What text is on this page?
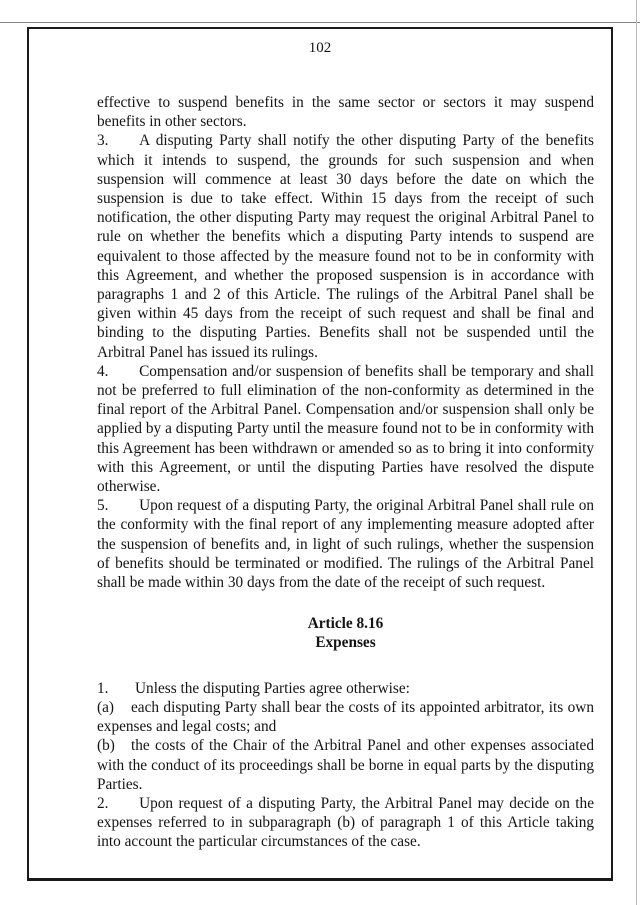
102

effective to suspend benefits in the same sector or sectors it may suspend benefits in other sectors.

3.  A disputing Party shall notify the other disputing Party of the benefits which it intends to suspend, the grounds for such suspension and when suspension will commence at least 30 days before the date on which the suspension is due to take effect. Within 15 days from the receipt of such notification, the other disputing Party may request the original Arbitral Panel to rule on whether the benefits which a disputing Party intends to suspend are equivalent to those affected by the measure found not to be in conformity with this Agreement, and whether the proposed suspension is in accordance with paragraphs 1 and 2 of this Article. The rulings of the Arbitral Panel shall be given within 45 days from the receipt of such request and shall be final and binding to the disputing Parties. Benefits shall not be suspended until the Arbitral Panel has issued its rulings.

4.  Compensation and/or suspension of benefits shall be temporary and shall not be preferred to full elimination of the non-conformity as determined in the final report of the Arbitral Panel. Compensation and/or suspension shall only be applied by a disputing Party until the measure found not to be in conformity with this Agreement has been withdrawn or amended so as to bring it into conformity with this Agreement, or until the disputing Parties have resolved the dispute otherwise.

5.  Upon request of a disputing Party, the original Arbitral Panel shall rule on the conformity with the final report of any implementing measure adopted after the suspension of benefits and, in light of such rulings, whether the suspension of benefits should be terminated or modified. The rulings of the Arbitral Panel shall be made within 30 days from the date of the receipt of such request.

Article 8.16

Expenses

1.	Unless the disputing Parties agree otherwise:

(a) each disputing Party shall bear the costs of its appointed arbitrator, its own expenses and legal costs; and

(b) the costs of the Chair of the Arbitral Panel and other expenses associated with the conduct of its proceedings shall be borne in equal parts by the disputing Parties.

2.  Upon request of a disputing Party, the Arbitral Panel may decide on the expenses referred to in subparagraph (b) of paragraph 1 of this Article taking into account the particular circumstances of the case.
